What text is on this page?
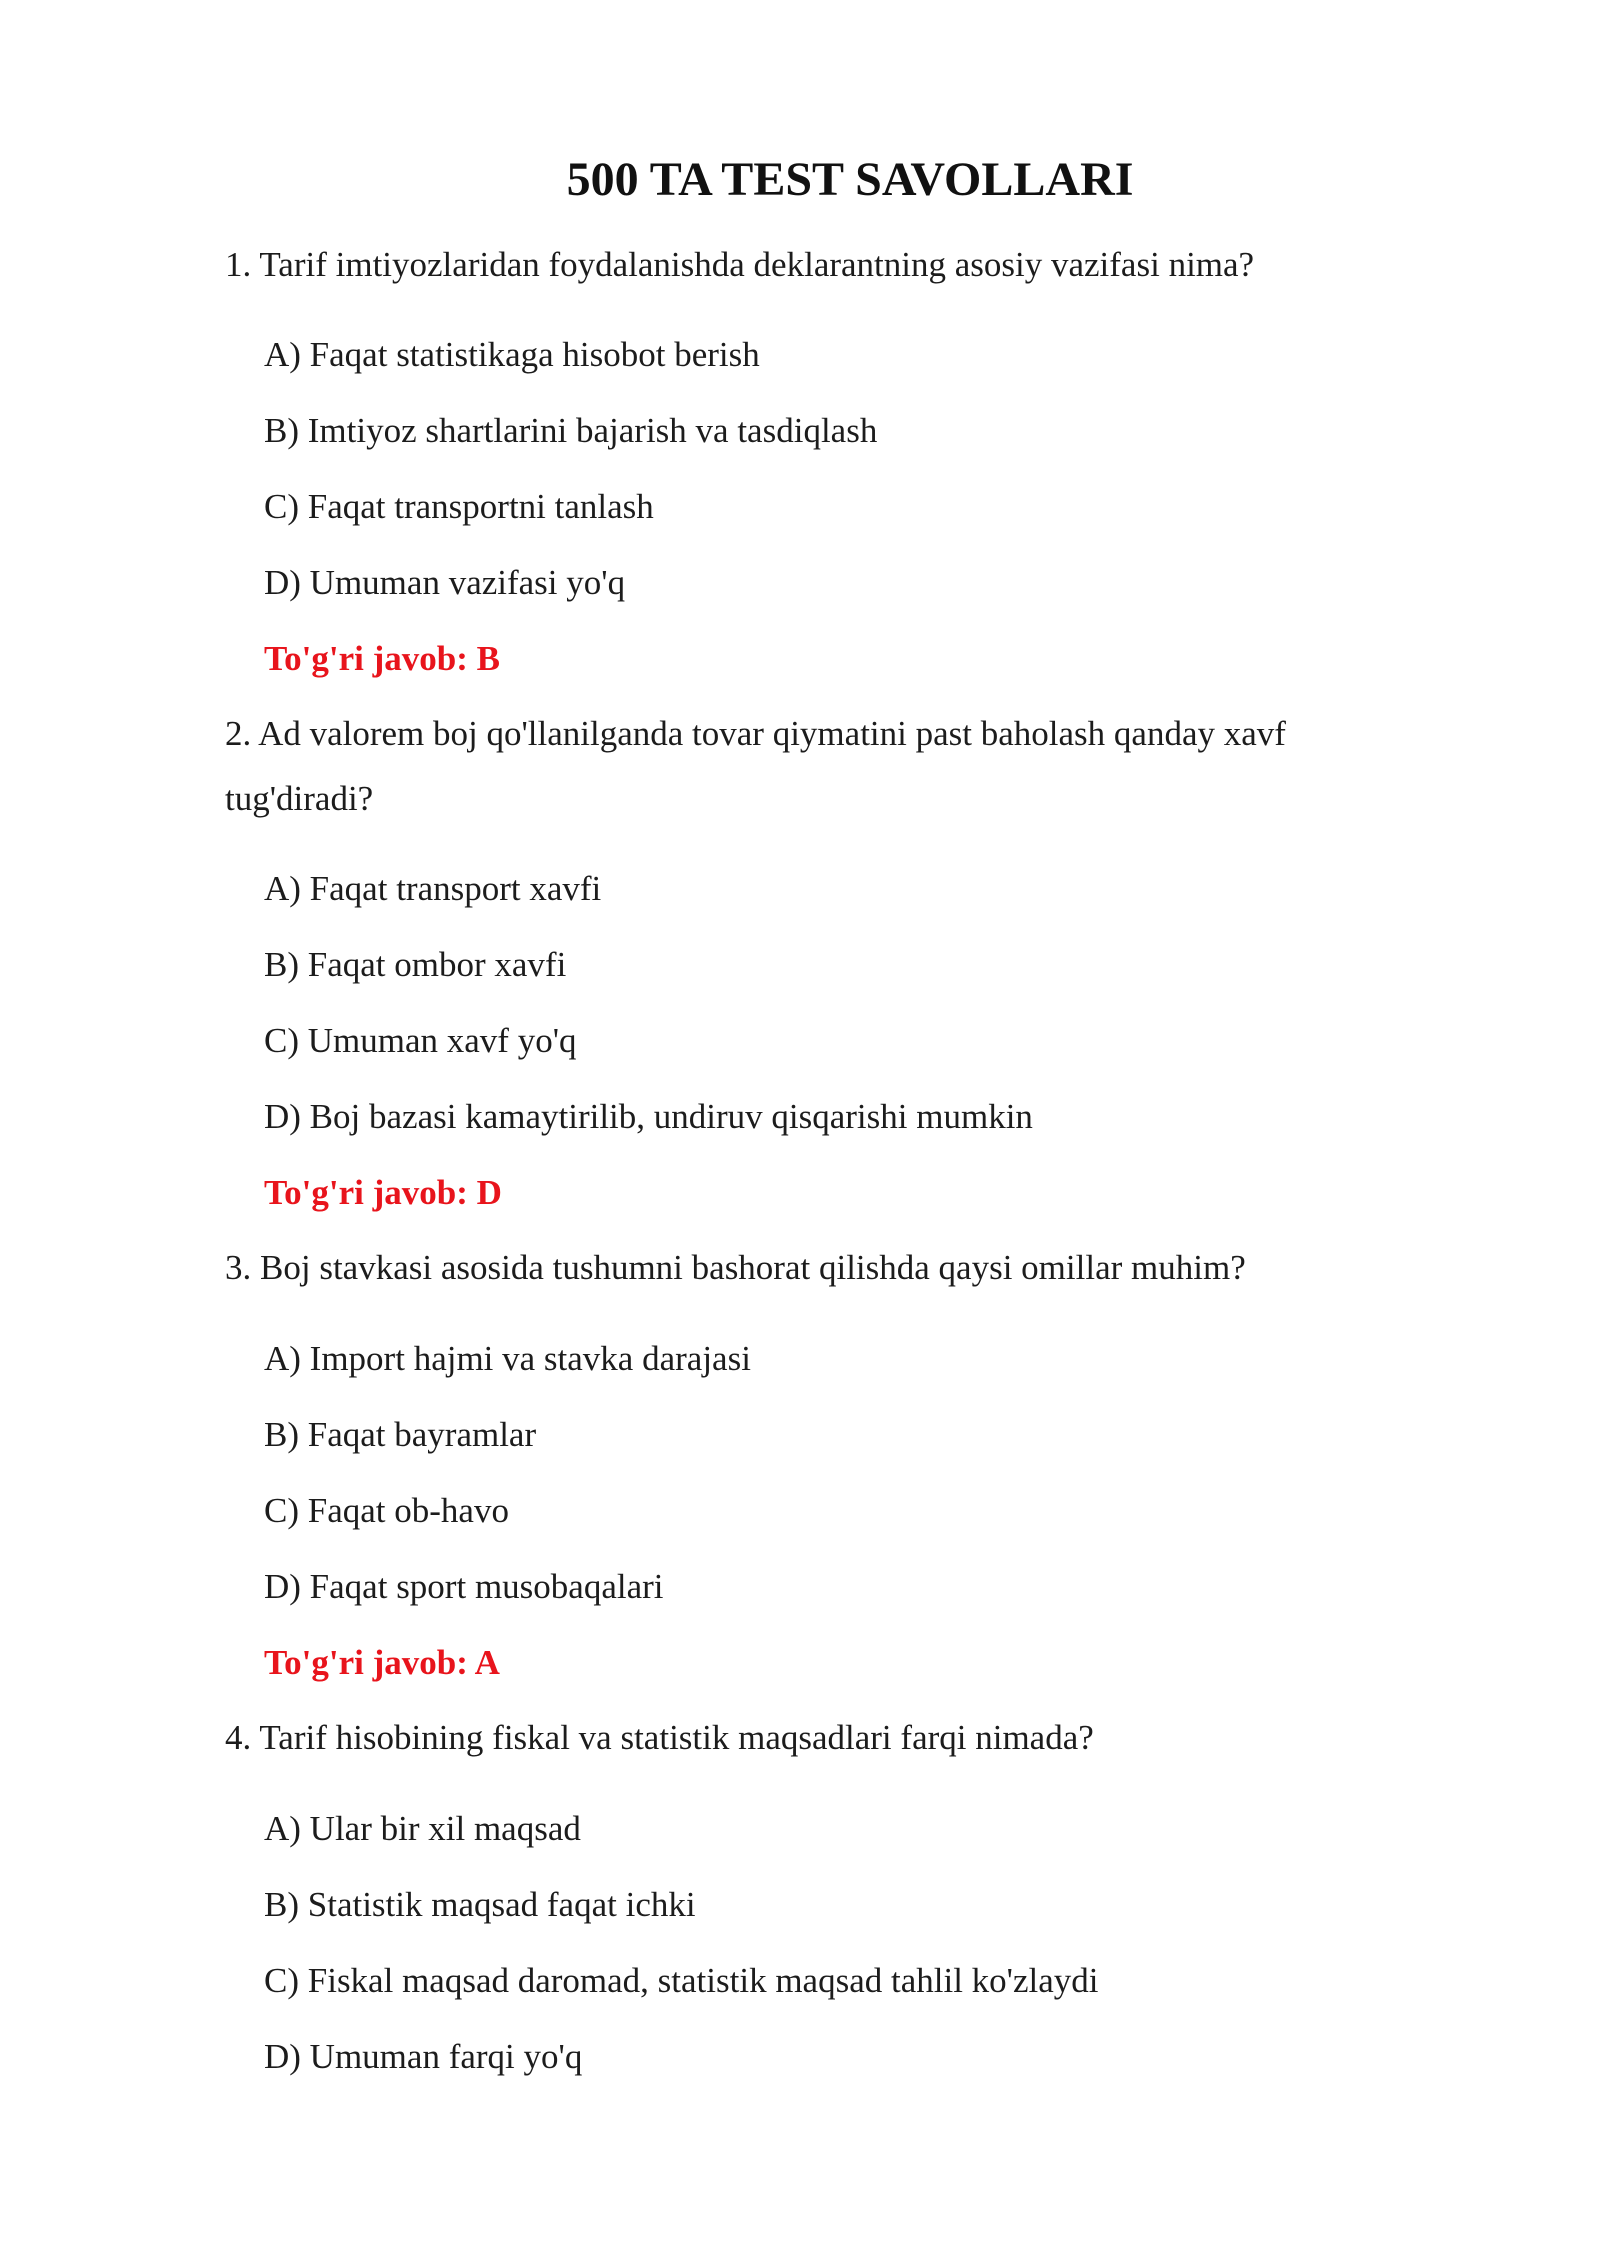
500 TA TEST SAVOLLARI
1. Tarif imtiyozlaridan foydalanishda deklarantning asosiy vazifasi nima?
A) Faqat statistikaga hisobot berish
B) Imtiyoz shartlarini bajarish va tasdiqlash
C) Faqat transportni tanlash
D) Umuman vazifasi yo'q
To'g'ri javob: B
2. Ad valorem boj qo'llanilganda tovar qiymatini past baholash qanday xavf tug'diradi?
A) Faqat transport xavfi
B) Faqat ombor xavfi
C) Umuman xavf yo'q
D) Boj bazasi kamaytirilib, undiruv qisqarishi mumkin
To'g'ri javob: D
3. Boj stavkasi asosida tushumni bashorat qilishda qaysi omillar muhim?
A) Import hajmi va stavka darajasi
B) Faqat bayramlar
C) Faqat ob-havo
D) Faqat sport musobaqalari
To'g'ri javob: A
4. Tarif hisobining fiskal va statistik maqsadlari farqi nimada?
A) Ular bir xil maqsad
B) Statistik maqsad faqat ichki
C) Fiskal maqsad daromad, statistik maqsad tahlil ko'zlaydi
D) Umuman farqi yo'q
